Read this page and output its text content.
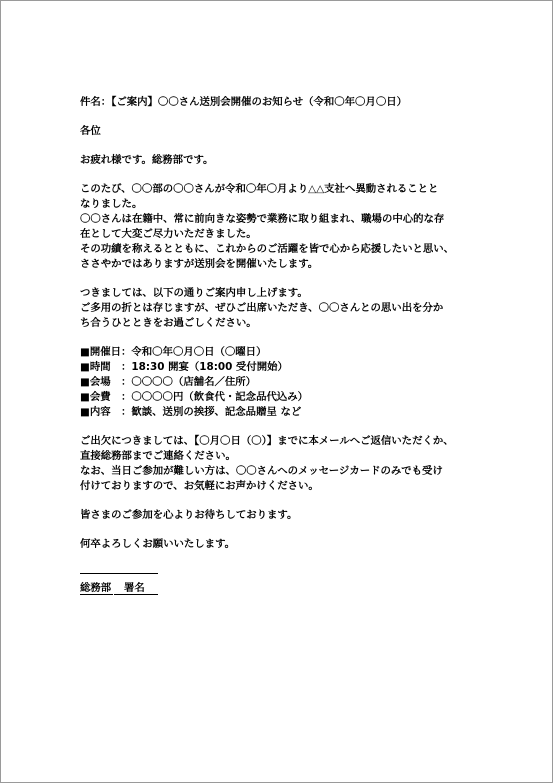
件名：【ご案内】〇〇さん送別会開催のお知らせ（令和〇年〇月〇日）
各位
お疲れ様です。総務部です。
このたび、〇〇部の〇〇さんが令和〇年〇月より△△支社へ異動されることと
なりました。
〇〇さんは在籍中、常に前向きな姿勢で業務に取り組まれ、職場の中心的な存
在として大変ご尽力いただきました。
その功績を称えるとともに、これからのご活躍を皆で心から応援したいと思い、
ささやかではありますが送別会を開催いたします。
つきましては、以下の通りご案内申し上げます。
ご多用の折とは存じますが、ぜひご出席いただき、〇〇さんとの思い出を分か
ち合うひとときをお過ごしください。
■開催日：令和〇年〇月〇日（〇曜日）
■時間　：18:30 開宴（18:00 受付開始）
■会場　：〇〇〇〇（店舗名／住所）
■会費　：〇〇〇〇円（飲食代・記念品代込み）
■内容　：歓談、送別の挨拶、記念品贈呈 など
ご出欠につきましては、【〇月〇日（〇）】までに本メールへご返信いただくか、
直接総務部までご連絡ください。
なお、当日ご参加が難しい方は、〇〇さんへのメッセージカードのみでも受け
付けておりますので、お気軽にお声かけください。
皆さまのご参加を心よりお待ちしております。
何卒よろしくお願いいたします。
総務部 署名
